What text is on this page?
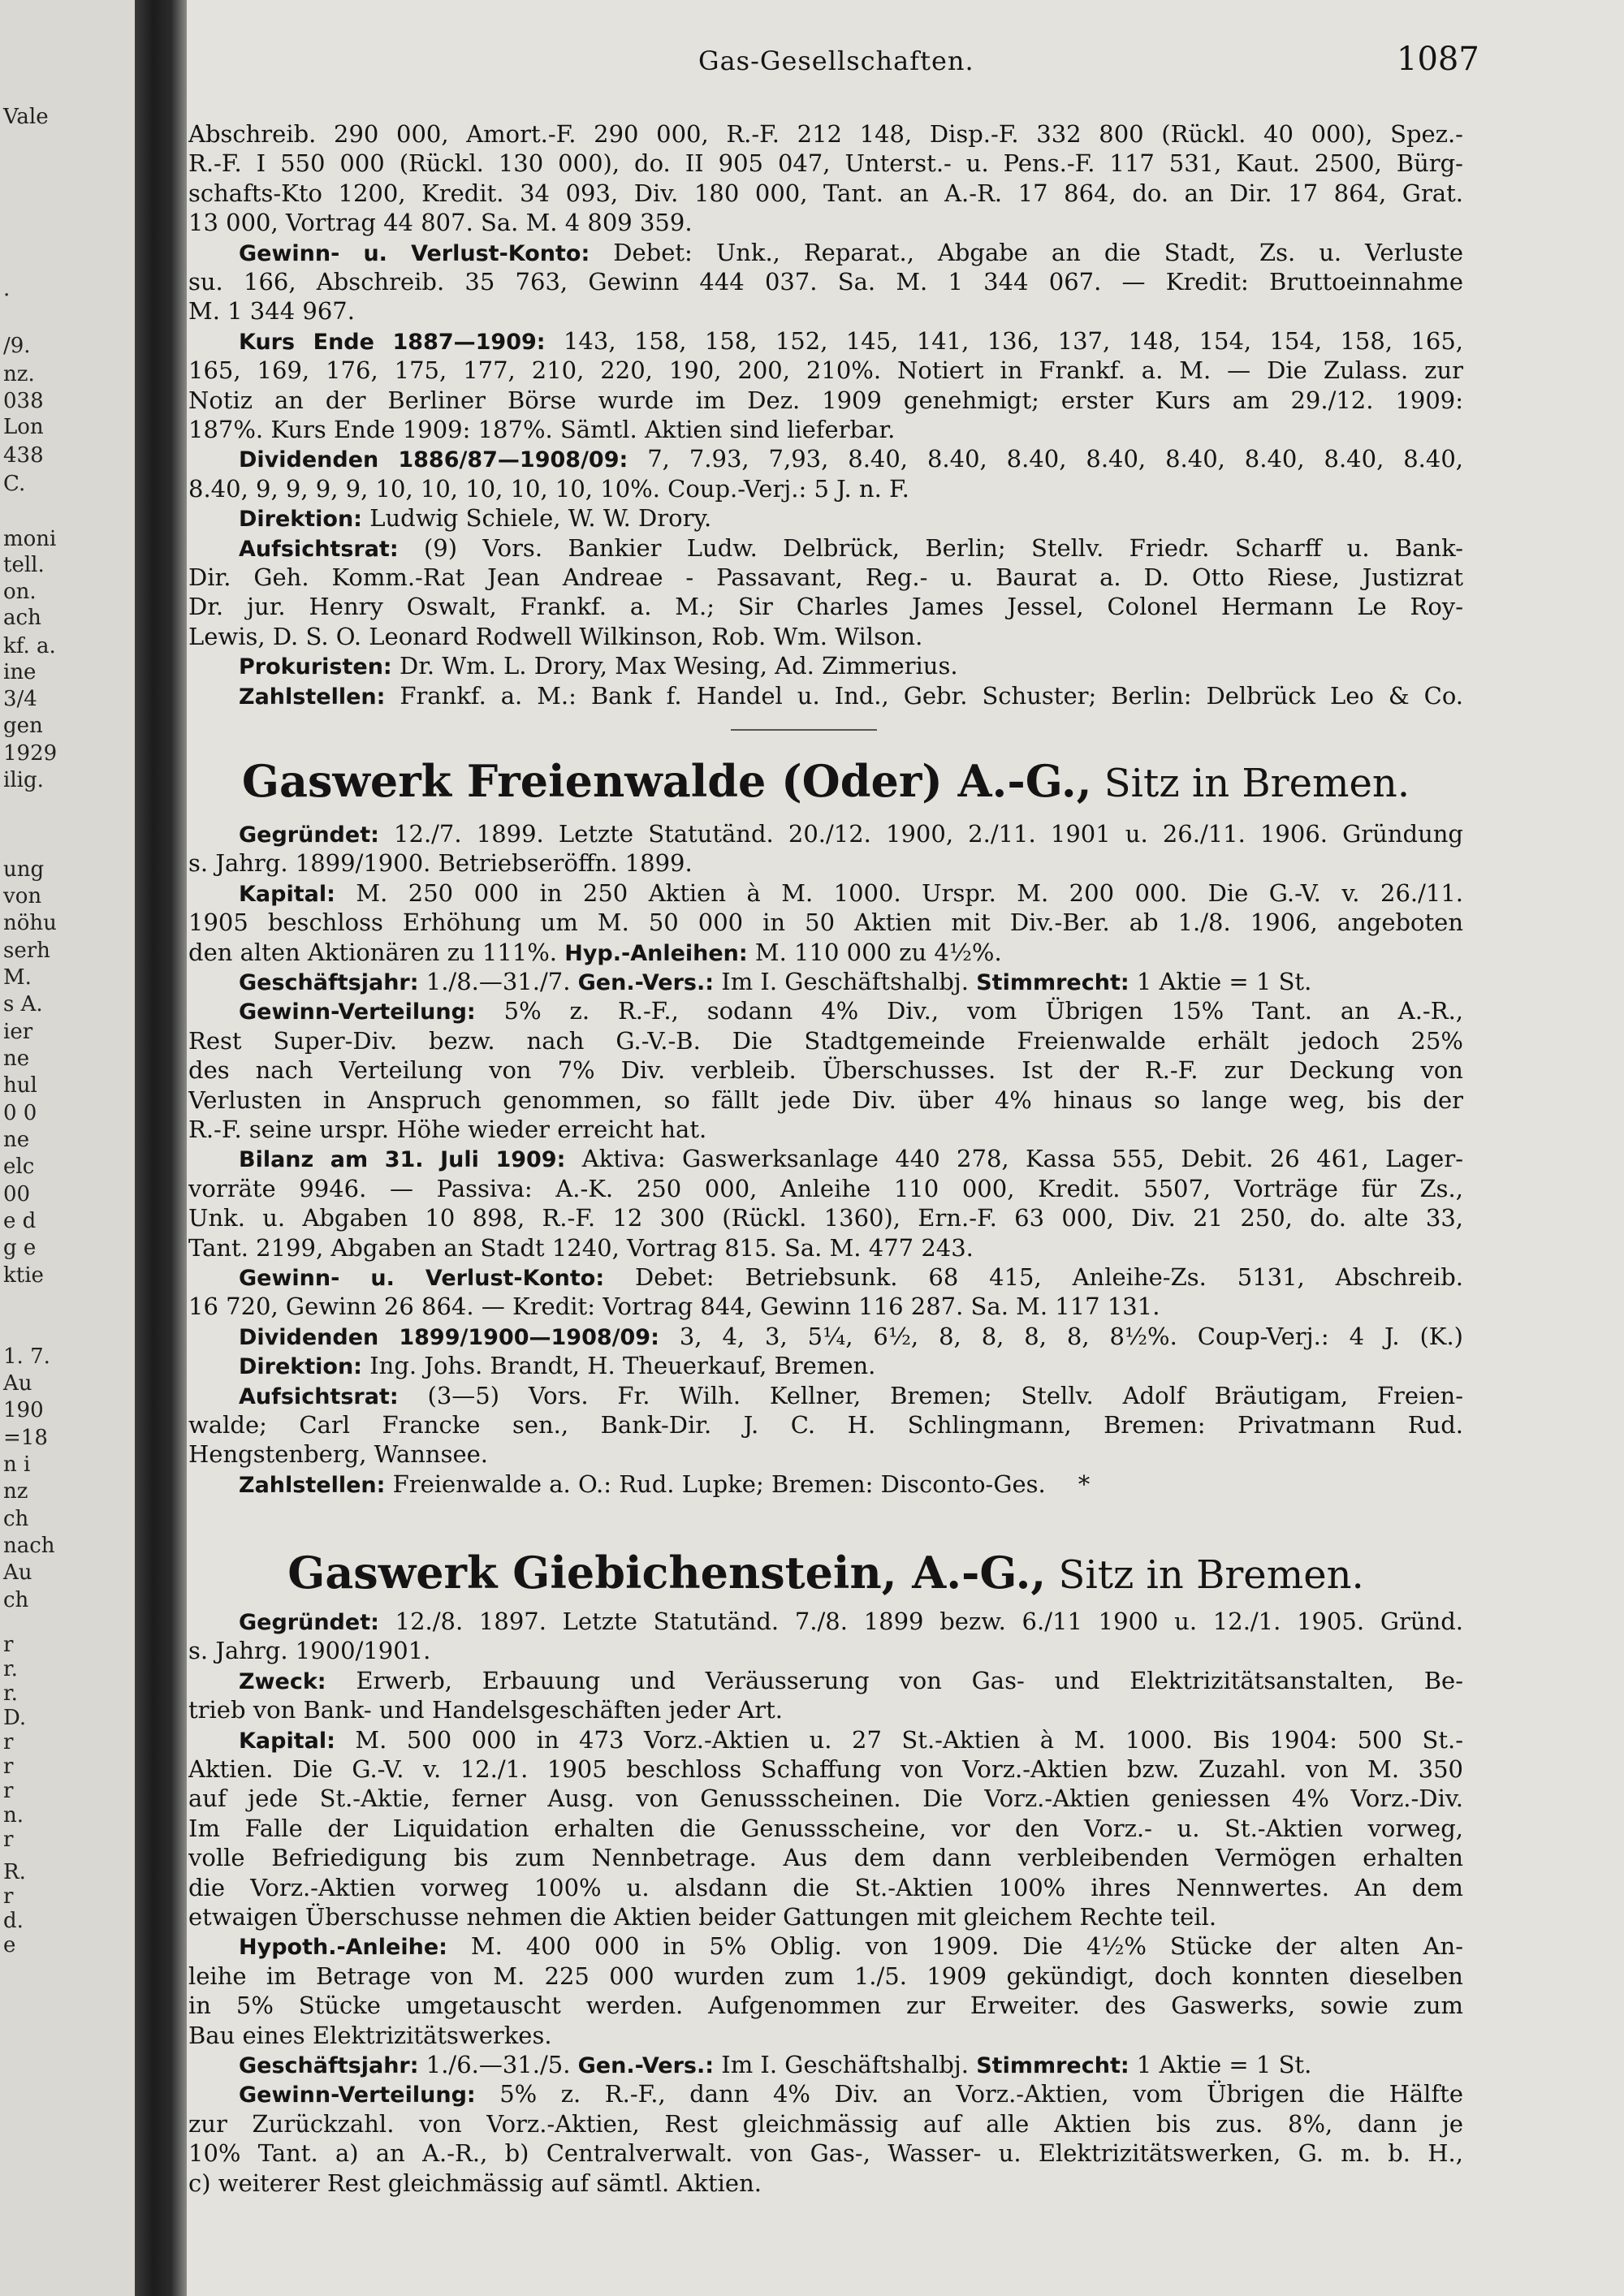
Vale
.
/9.
nz.
038
Lon
438
C.
moni
tell.
on.
ach
kf. a.
ine
3/4
gen
1929
ilig.
ung
von
nöhu
serh
M.
s A.
ier
ne
hul
0 0
ne
elc
00
e d
g e
ktie
1. 7.
Au
190
=18
n i
nz
ch
nach
Au
ch
r
r.
r.
D.
r
r
r
n.
r
R.
r
d.
e
Gas-Gesellschaften.	1087
Abschreib. 290 000, Amort.-F. 290 000, R.-F. 212 148, Disp.-F. 332 800 (Rückl. 40 000), Spez.-
R.-F. I 550 000 (Rückl. 130 000), do. II 905 047, Unterst.- u. Pens.-F. 117 531, Kaut. 2500, Bürg-
schafts-Kto 1200, Kredit. 34 093, Div. 180 000, Tant. an A.-R. 17 864, do. an Dir. 17 864, Grat.
13 000, Vortrag 44 807. Sa. M. 4 809 359.
Gewinn- u. Verlust-Konto: Debet: Unk., Reparat., Abgabe an die Stadt, Zs. u. Verluste
su. 166, Abschreib. 35 763, Gewinn 444 037. Sa. M. 1 344 067. — Kredit: Bruttoeinnahme
M. 1 344 967.
Kurs Ende 1887—1909: 143, 158, 158, 152, 145, 141, 136, 137, 148, 154, 154, 158, 165,
165, 169, 176, 175, 177, 210, 220, 190, 200, 210%. Notiert in Frankf. a. M. — Die Zulass. zur
Notiz an der Berliner Börse wurde im Dez. 1909 genehmigt; erster Kurs am 29./12. 1909:
187%. Kurs Ende 1909: 187%. Sämtl. Aktien sind lieferbar.
Dividenden 1886/87—1908/09: 7, 7.93, 7,93, 8.40, 8.40, 8.40, 8.40, 8.40, 8.40, 8.40, 8.40,
8.40, 9, 9, 9, 9, 10, 10, 10, 10, 10, 10%. Coup.-Verj.: 5 J. n. F.
Direktion: Ludwig Schiele, W. W. Drory.
Aufsichtsrat: (9) Vors. Bankier Ludw. Delbrück, Berlin; Stellv. Friedr. Scharff u. Bank-
Dir. Geh. Komm.-Rat Jean Andreae - Passavant, Reg.- u. Baurat a. D. Otto Riese, Justizrat
Dr. jur. Henry Oswalt, Frankf. a. M.; Sir Charles James Jessel, Colonel Hermann Le Roy-
Lewis, D. S. O. Leonard Rodwell Wilkinson, Rob. Wm. Wilson.
Prokuristen: Dr. Wm. L. Drory, Max Wesing, Ad. Zimmerius.
Zahlstellen: Frankf. a. M.: Bank f. Handel u. Ind., Gebr. Schuster; Berlin: Delbrück Leo & Co.
Gaswerk Freienwalde (Oder) A.-G., Sitz in Bremen.
Gegründet: 12./7. 1899. Letzte Statutänd. 20./12. 1900, 2./11. 1901 u. 26./11. 1906. Gründung
s. Jahrg. 1899/1900. Betriebseröffn. 1899.
Kapital: M. 250 000 in 250 Aktien à M. 1000. Urspr. M. 200 000. Die G.-V. v. 26./11.
1905 beschloss Erhöhung um M. 50 000 in 50 Aktien mit Div.-Ber. ab 1./8. 1906, angeboten
den alten Aktionären zu 111%. Hyp.-Anleihen: M. 110 000 zu 4½%.
Geschäftsjahr: 1./8.—31./7. Gen.-Vers.: Im I. Geschäftshalbj. Stimmrecht: 1 Aktie = 1 St.
Gewinn-Verteilung: 5% z. R.-F., sodann 4% Div., vom Übrigen 15% Tant. an A.-R.,
Rest Super-Div. bezw. nach G.-V.-B. Die Stadtgemeinde Freienwalde erhält jedoch 25%
des nach Verteilung von 7% Div. verbleib. Überschusses. Ist der R.-F. zur Deckung von
Verlusten in Anspruch genommen, so fällt jede Div. über 4% hinaus so lange weg, bis der
R.-F. seine urspr. Höhe wieder erreicht hat.
Bilanz am 31. Juli 1909: Aktiva: Gaswerksanlage 440 278, Kassa 555, Debit. 26 461, Lager-
vorräte 9946. — Passiva: A.-K. 250 000, Anleihe 110 000, Kredit. 5507, Vorträge für Zs.,
Unk. u. Abgaben 10 898, R.-F. 12 300 (Rückl. 1360), Ern.-F. 63 000, Div. 21 250, do. alte 33,
Tant. 2199, Abgaben an Stadt 1240, Vortrag 815. Sa. M. 477 243.
Gewinn- u. Verlust-Konto: Debet: Betriebsunk. 68 415, Anleihe-Zs. 5131, Abschreib.
16 720, Gewinn 26 864. — Kredit: Vortrag 844, Gewinn 116 287. Sa. M. 117 131.
Dividenden 1899/1900—1908/09: 3, 4, 3, 5¼, 6½, 8, 8, 8, 8, 8½%. Coup-Verj.: 4 J. (K.)
Direktion: Ing. Johs. Brandt, H. Theuerkauf, Bremen.
Aufsichtsrat: (3—5) Vors. Fr. Wilh. Kellner, Bremen; Stellv. Adolf Bräutigam, Freien-
walde; Carl Francke sen., Bank-Dir. J. C. H. Schlingmann, Bremen: Privatmann Rud.
Hengstenberg, Wannsee.
Zahlstellen: Freienwalde a. O.: Rud. Lupke; Bremen: Disconto-Ges. *
Gaswerk Giebichenstein, A.-G., Sitz in Bremen.
Gegründet: 12./8. 1897. Letzte Statutänd. 7./8. 1899 bezw. 6./11 1900 u. 12./1. 1905. Gründ.
s. Jahrg. 1900/1901.
Zweck: Erwerb, Erbauung und Veräusserung von Gas- und Elektrizitätsanstalten, Be-
trieb von Bank- und Handelsgeschäften jeder Art.
Kapital: M. 500 000 in 473 Vorz.-Aktien u. 27 St.-Aktien à M. 1000. Bis 1904: 500 St.-
Aktien. Die G.-V. v. 12./1. 1905 beschloss Schaffung von Vorz.-Aktien bzw. Zuzahl. von M. 350
auf jede St.-Aktie, ferner Ausg. von Genussscheinen. Die Vorz.-Aktien geniessen 4% Vorz.-Div.
Im Falle der Liquidation erhalten die Genussscheine, vor den Vorz.- u. St.-Aktien vorweg,
volle Befriedigung bis zum Nennbetrage. Aus dem dann verbleibenden Vermögen erhalten
die Vorz.-Aktien vorweg 100% u. alsdann die St.-Aktien 100% ihres Nennwertes. An dem
etwaigen Überschusse nehmen die Aktien beider Gattungen mit gleichem Rechte teil.
Hypoth.-Anleihe: M. 400 000 in 5% Oblig. von 1909. Die 4½% Stücke der alten An-
leihe im Betrage von M. 225 000 wurden zum 1./5. 1909 gekündigt, doch konnten dieselben
in 5% Stücke umgetauscht werden. Aufgenommen zur Erweiter. des Gaswerks, sowie zum
Bau eines Elektrizitätswerkes.
Geschäftsjahr: 1./6.—31./5. Gen.-Vers.: Im I. Geschäftshalbj. Stimmrecht: 1 Aktie = 1 St.
Gewinn-Verteilung: 5% z. R.-F., dann 4% Div. an Vorz.-Aktien, vom Übrigen die Hälfte
zur Zurückzahl. von Vorz.-Aktien, Rest gleichmässig auf alle Aktien bis zus. 8%, dann je
10% Tant. a) an A.-R., b) Centralverwalt. von Gas-, Wasser- u. Elektrizitätswerken, G. m. b. H.,
c) weiterer Rest gleichmässig auf sämtl. Aktien.
